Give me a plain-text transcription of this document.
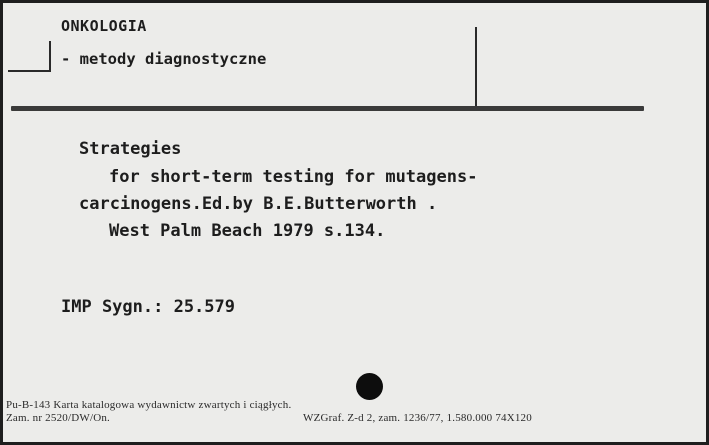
ONKOLOGIA
- metody diagnostyczne
Strategies
for short-term testing for mutagens-
carcinogens.Ed.by B.E.Butterworth .
West Palm Beach 1979 s.134.
IMP Sygn.: 25.579
Pu-B-143 Karta katalogowa wydawnictw zwartych i ciągłych.
Zam. nr 2520/DW/On.	WZGraf. Z-d 2, zam. 1236/77, 1.580.000 74X120
